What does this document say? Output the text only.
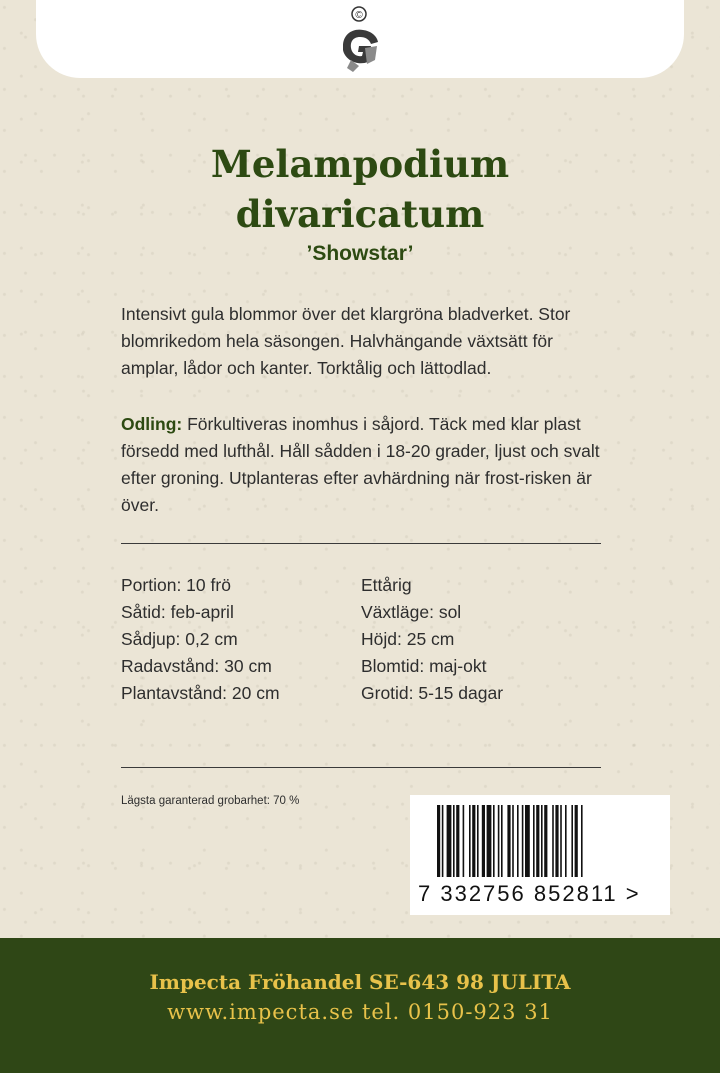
©
Melampodium
divaricatum
’Showstar’

Intensivt gula blommor över det klargröna bladverket. Stor blomrikedom hela säsongen. Halvhängande växtsätt för amplar, lådor och kanter. Torktålig och lättodlad.

Odling: Förkultiveras inomhus i såjord. Täck med klar plast försedd med lufthål. Håll sådden i 18-20 grader, ljust och svalt efter groning. Utplanteras efter avhärdning när frost-risken är över.

Portion: 10 frö
Såtid: feb-april
Sådjup: 0,2 cm
Radavstånd: 30 cm
Plantavstånd: 20 cm
Ettårig
Växtläge: sol
Höjd: 25 cm
Blomtid: maj-okt
Grotid: 5-15 dagar
Lägsta garanterad grobarhet: 70 %
7 332756 852811 >
Impecta Fröhandel SE-643 98 JULITA
www.impecta.se tel. 0150-923 31
